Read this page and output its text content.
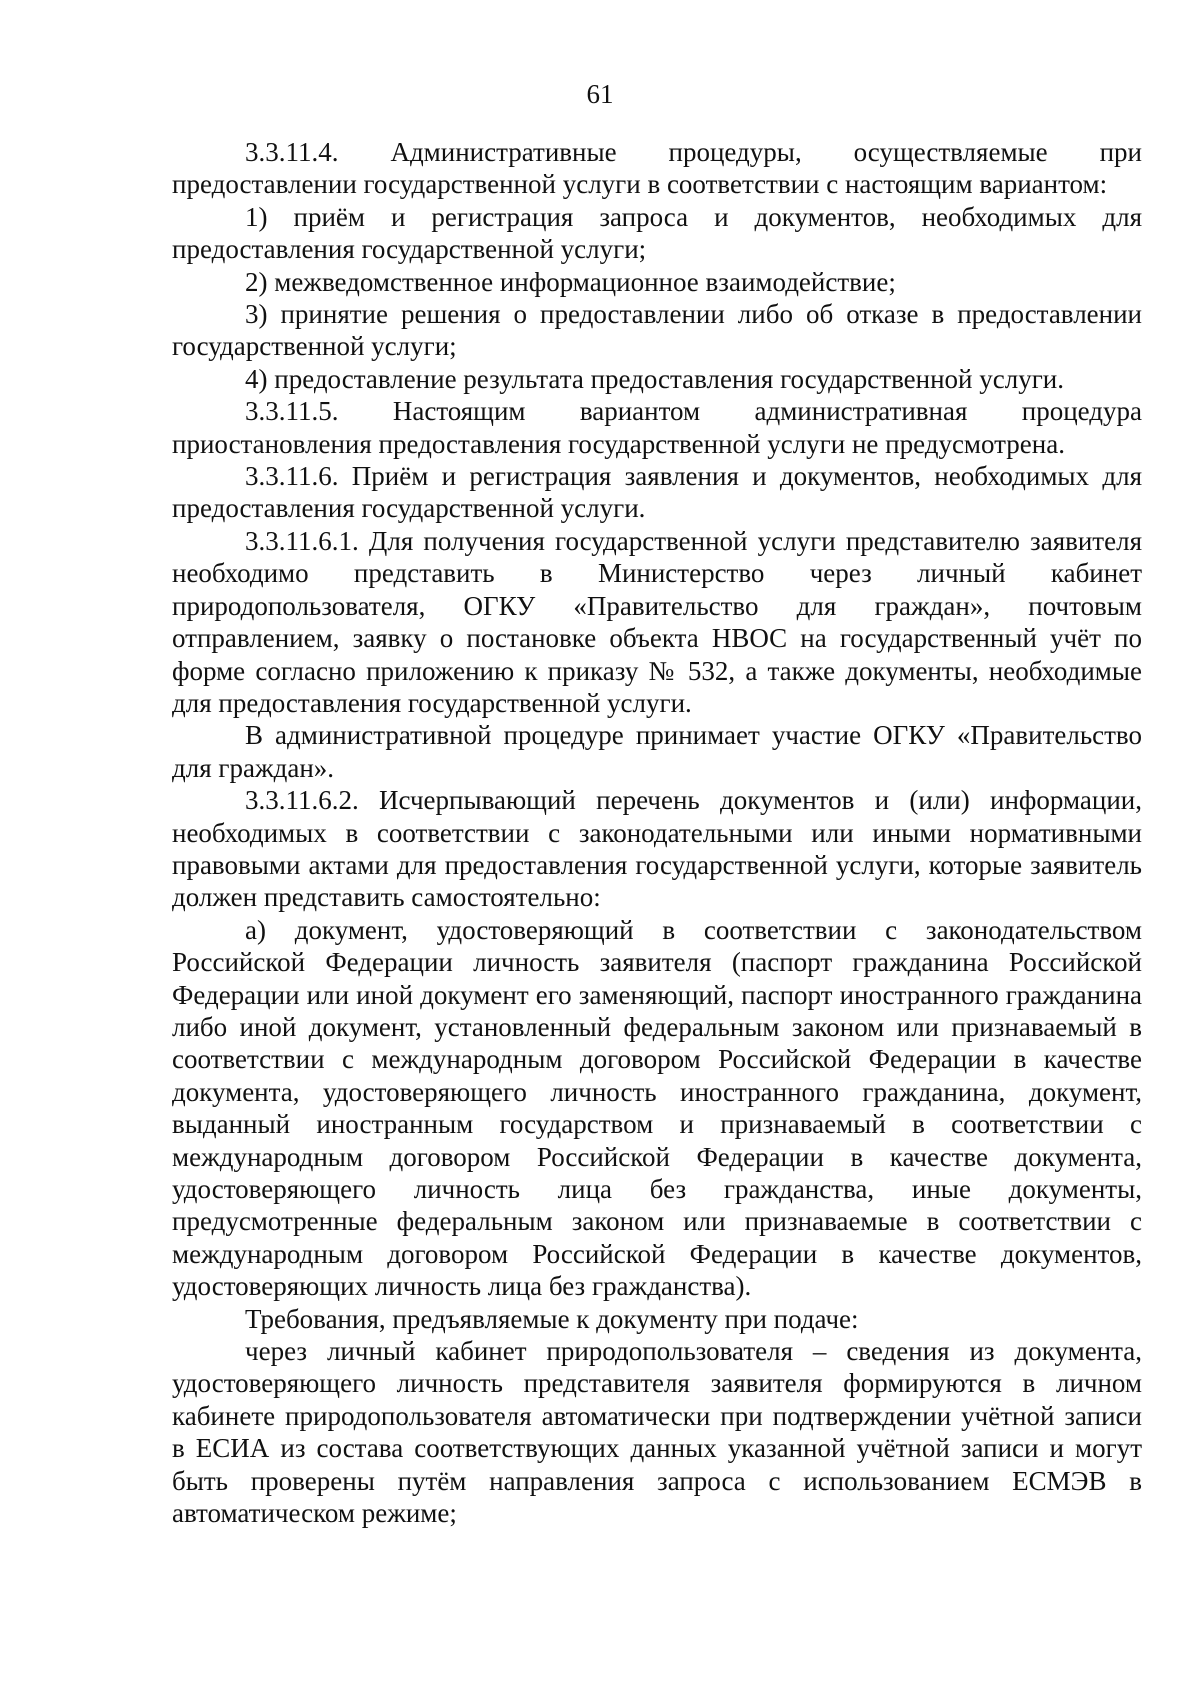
61

3.3.11.4. Административные процедуры, осуществляемые при предоставлении государственной услуги в соответствии с настоящим вариантом:

1) приём и регистрация запроса и документов, необходимых для предоставления государственной услуги;

2) межведомственное информационное взаимодействие;

3) принятие решения о предоставлении либо об отказе в предоставлении государственной услуги;

4) предоставление результата предоставления государственной услуги.

3.3.11.5. Настоящим вариантом административная процедура приостановления предоставления государственной услуги не предусмотрена.

3.3.11.6. Приём и регистрация заявления и документов, необходимых для предоставления государственной услуги.

3.3.11.6.1. Для получения государственной услуги представителю заявителя необходимо представить в Министерство через личный кабинет природопользователя, ОГКУ «Правительство для граждан», почтовым отправлением, заявку о постановке объекта НВОС на государственный учёт по форме согласно приложению к приказу № 532, а также документы, необходимые для предоставления государственной услуги.

В административной процедуре принимает участие ОГКУ «Правительство для граждан».

3.3.11.6.2. Исчерпывающий перечень документов и (или) информации, необходимых в соответствии с законодательными или иными нормативными правовыми актами для предоставления государственной услуги, которые заявитель должен представить самостоятельно:

а) документ, удостоверяющий в соответствии с законодательством Российской Федерации личность заявителя (паспорт гражданина Российской Федерации или иной документ его заменяющий, паспорт иностранного гражданина либо иной документ, установленный федеральным законом или признаваемый в соответствии с международным договором Российской Федерации в качестве документа, удостоверяющего личность иностранного гражданина, документ, выданный иностранным государством и признаваемый в соответствии с международным договором Российской Федерации в качестве документа, удостоверяющего личность лица без гражданства, иные документы, предусмотренные федеральным законом или признаваемые в соответствии с международным договором Российской Федерации в качестве документов, удостоверяющих личность лица без гражданства).

Требования, предъявляемые к документу при подаче:

через личный кабинет природопользователя – сведения из документа, удостоверяющего личность представителя заявителя формируются в личном кабинете природопользователя автоматически при подтверждении учётной записи в ЕСИА из состава соответствующих данных указанной учётной записи и могут быть проверены путём направления запроса с использованием ЕСМЭВ в автоматическом режиме;
